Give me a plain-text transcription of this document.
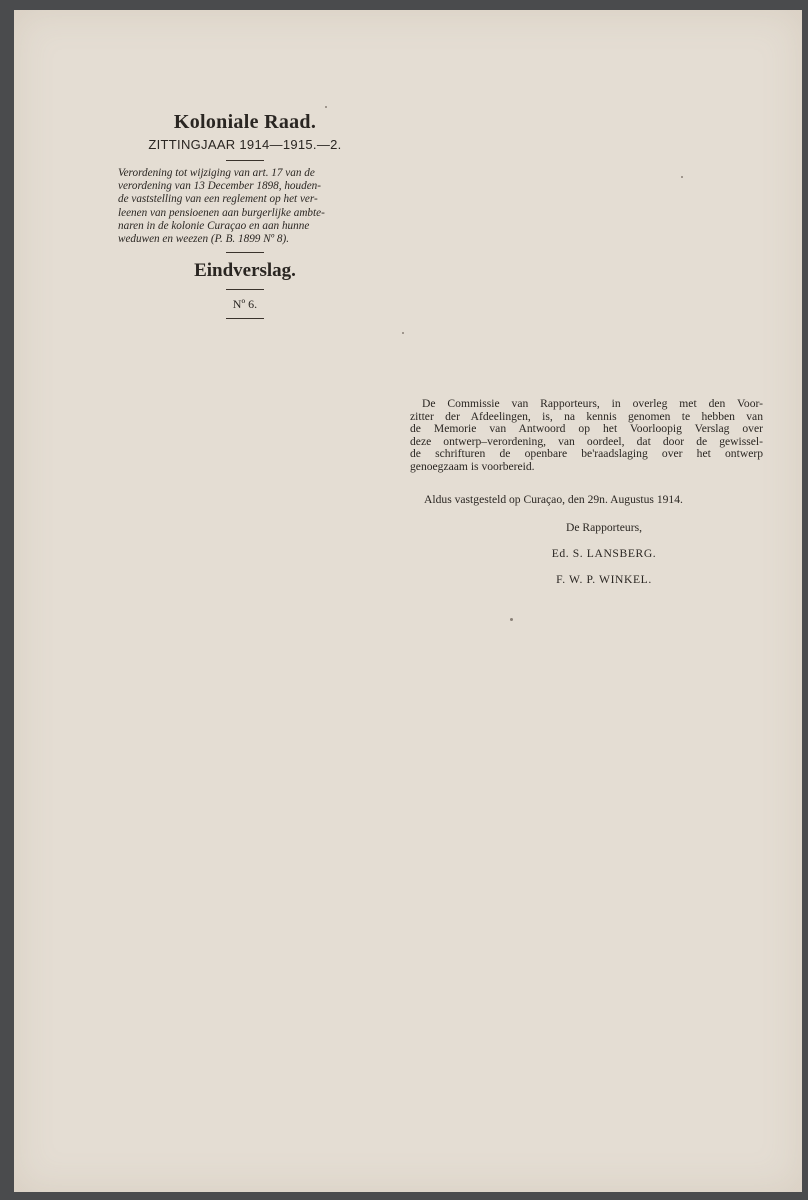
Koloniale Raad.
ZITTINGJAAR 1914—1915.—2.
Verordening tot wijziging van art. 17 van de
verordening van 13 December 1898, houden-
de vaststelling van een reglement op het ver-
leenen van pensioenen aan burgerlijke ambte-
naren in de kolonie Curaçao en aan hunne
weduwen en weezen (P. B. 1899 Nº 8).
Eindverslag.
Nº 6.
De Commissie van Rapporteurs, in overleg met den Voor-
zitter der Afdeelingen, is, na kennis genomen te hebben van
de Memorie van Antwoord op het Voorloopig Verslag over
deze ontwerp–verordening, van oordeel, dat door de gewissel-
de schrifturen de openbare be'raadslaging over het ontwerp
genoegzaam is voorbereid.
Aldus vastgesteld op Curaçao, den 29n. Augustus 1914.
De Rapporteurs,
Ed. S. LANSBERG.
F. W. P. WINKEL.
